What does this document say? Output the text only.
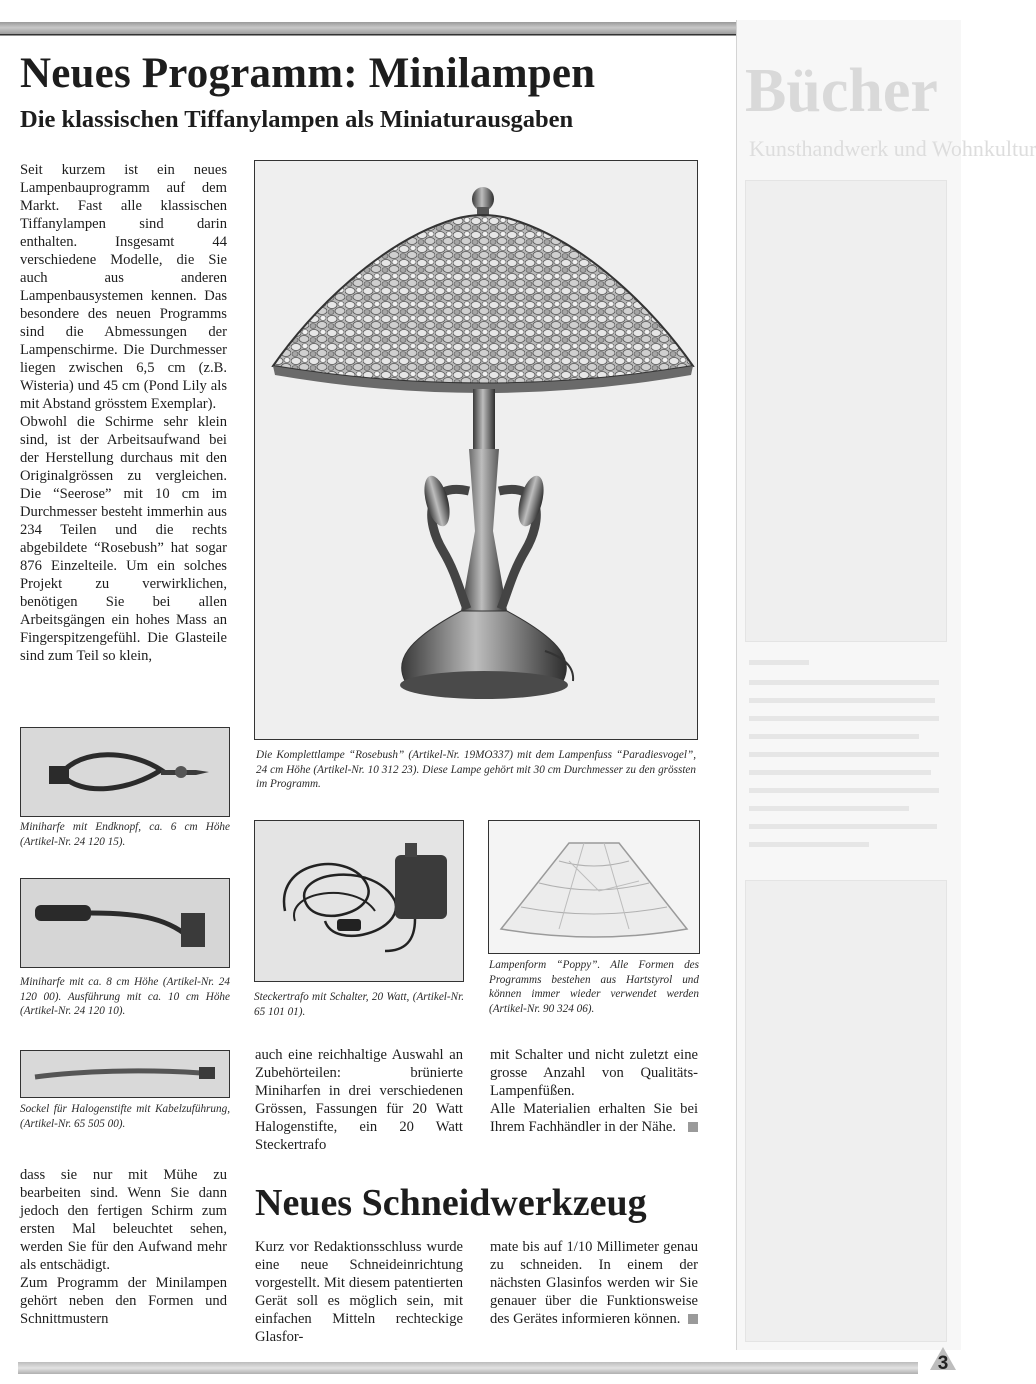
Bücher
Kunsthandwerk und Wohnkultur
Neues Programm: Minilampen
Die klassischen Tiffanylampen als Miniaturausgaben

Seit kurzem ist ein neues Lampenbauprogramm auf dem Markt. Fast alle klassischen Tiffanylampen sind darin enthalten. Insgesamt 44 verschiedene Modelle, die Sie auch aus anderen Lampenbausystemen kennen. Das besondere des neuen Programms sind die Abmessungen der Lampenschirme. Die Durchmesser liegen zwischen 6,5 cm (z.B. Wisteria) und 45 cm (Pond Lily als mit Abstand grösstem Exemplar).

Obwohl die Schirme sehr klein sind, ist der Arbeitsaufwand bei der Herstellung durchaus mit den Originalgrössen zu vergleichen. Die “Seerose” mit 10 cm im Durchmesser besteht immerhin aus 234 Teilen und die rechts abgebildete “Rosebush” hat sogar 876 Einzelteile. Um ein solches Projekt zu verwirklichen, benötigen Sie bei allen Arbeitsgängen ein hohes Mass an Fingerspitzengefühl. Die Glasteile sind zum Teil so klein,

Die Komplettlampe “Rosebush” (Artikel-Nr. 19MO337) mit dem Lampenfuss “Paradiesvogel”, 24 cm Höhe (Artikel-Nr. 10 312 23). Diese Lampe gehört mit 30 cm Durchmesser zu den grössten im Programm.
Miniharfe mit Endknopf, ca. 6 cm Höhe (Artikel-Nr. 24 120 15).
Miniharfe mit ca. 8 cm Höhe (Artikel-Nr. 24 120 00). Ausführung mit ca. 10 cm Höhe (Artikel-Nr. 24 120 10).
Steckertrafo mit Schalter, 20 Watt, (Artikel-Nr. 65 101 01).
Lampenform “Poppy”. Alle Formen des Programms bestehen aus Hartstyrol und können immer wieder verwendet werden (Artikel-Nr. 90 324 06).
Sockel für Halogenstifte mit Kabelzuführung, (Artikel-Nr. 65 505 00).
auch eine reichhaltige Auswahl an Zubehörteilen: brünierte Miniharfen in drei verschiedenen Grössen, Fassungen für 20 Watt Halogenstifte, ein 20 Watt Steckertrafo

mit Schalter und nicht zuletzt eine grosse Anzahl von Qualitäts-Lampenfüßen.

Alle Materialien erhalten Sie bei Ihrem Fachhändler in der Nähe.

dass sie nur mit Mühe zu bearbeiten sind. Wenn Sie dann jedoch den fertigen Schirm zum ersten Mal beleuchtet sehen, werden Sie für den Aufwand mehr als entschädigt.

Zum Programm der Minilampen gehört neben den Formen und Schnittmustern

Neues Schneidwerkzeug
Kurz vor Redaktionsschluss wurde eine neue Schneideinrichtung vorgestellt. Mit diesem patentierten Gerät soll es möglich sein, mit einfachen Mitteln rechteckige Glasfor-
mate bis auf 1/10 Millimeter genau zu schneiden. In einem der nächsten Glasinfos werden wir Sie genauer über die Funktionsweise des Gerätes informieren können.
3
